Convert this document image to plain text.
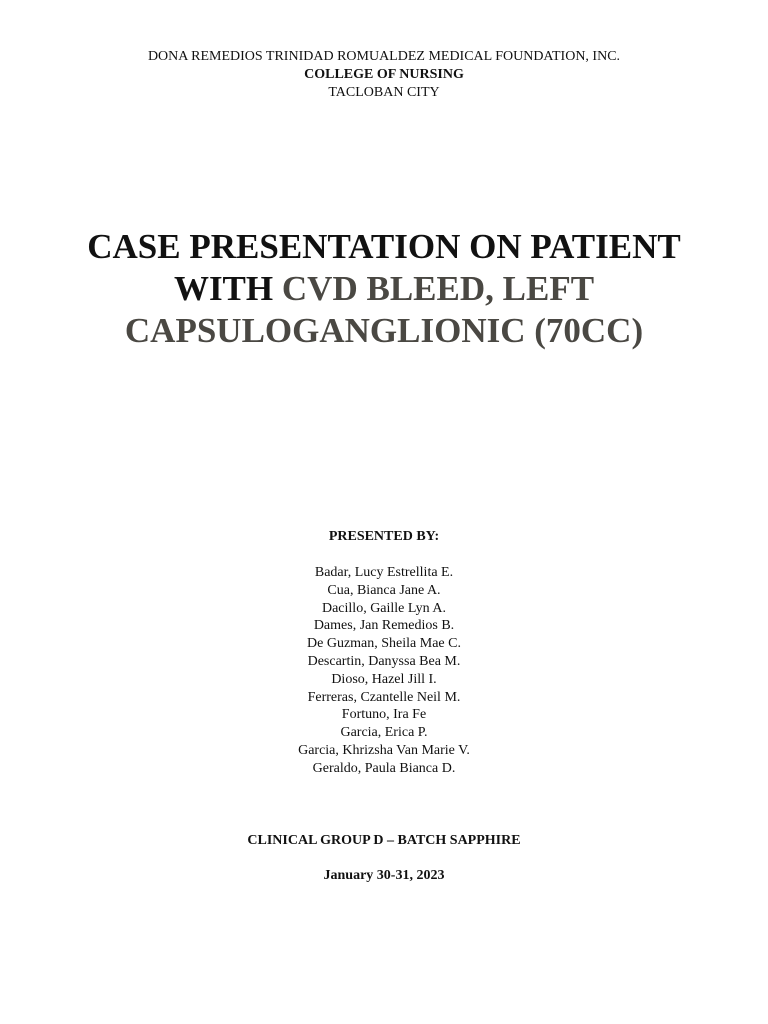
DONA REMEDIOS TRINIDAD ROMUALDEZ MEDICAL FOUNDATION, INC.
COLLEGE OF NURSING
TACLOBAN CITY
CASE PRESENTATION ON PATIENT
WITH CVD BLEED, LEFT
CAPSULOGANGLIONIC (70CC)
PRESENTED BY:
Badar, Lucy Estrellita E.
Cua, Bianca Jane A.
Dacillo, Gaille Lyn A.
Dames, Jan Remedios B.
De Guzman, Sheila Mae C.
Descartin, Danyssa Bea M.
Dioso, Hazel Jill I.
Ferreras, Czantelle Neil M.
Fortuno, Ira Fe
Garcia, Erica P.
Garcia, Khrizsha Van Marie V.
Geraldo, Paula Bianca D.
CLINICAL GROUP D – BATCH SAPPHIRE
January 30-31, 2023
